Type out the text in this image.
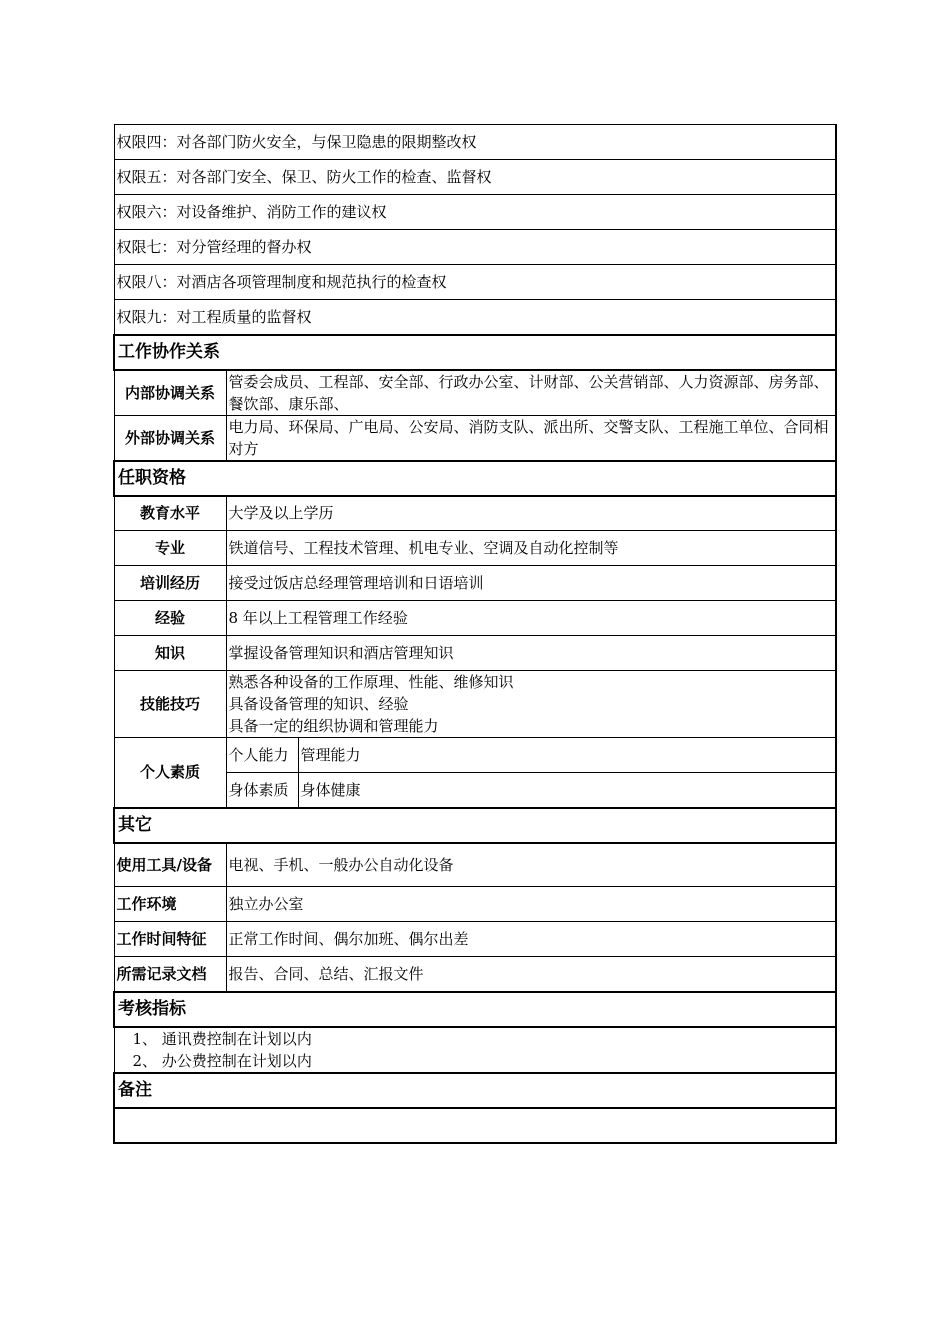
权限四：对各部门防火安全，与保卫隐患的限期整改权		
权限五：对各部门安全、保卫、防火工作的检查、监督权		
权限六：对设备维护、消防工作的建议权		
权限七：对分管经理的督办权		
权限八：对酒店各项管理制度和规范执行的检查权		
权限九：对工程质量的监督权		
工作协作关系		
内部协调关系	管委会成员、工程部、安全部、行政办公室、计财部、公关营销部、人力资源部、房务部、餐饮部、康乐部、	
外部协调关系	电力局、环保局、广电局、公安局、消防支队、派出所、交警支队、工程施工单位、合同相对方	
任职资格		
教育水平	大学及以上学历	
专业	铁道信号、工程技术管理、机电专业、空调及自动化控制等	
培训经历	接受过饭店总经理管理培训和日语培训	
经验	8 年以上工程管理工作经验	
知识	掌握设备管理知识和酒店管理知识	
技能技巧	熟悉各种设备的工作原理、性能、维修知识
具备设备管理的知识、经验
具备一定的组织协调和管理能力	

个人素质	个人能力	管理能力
	身体素质	身体健康
其它		
使用工具/设备	电视、手机、一般办公自动化设备	
工作环境	独立办公室	
工作时间特征	正常工作时间、偶尔加班、偶尔出差	
所需记录文档	报告、合同、总结、汇报文件	
考核指标		

1、 通讯费控制在计划以内
2、 办公费控制在计划以内		

备注		
